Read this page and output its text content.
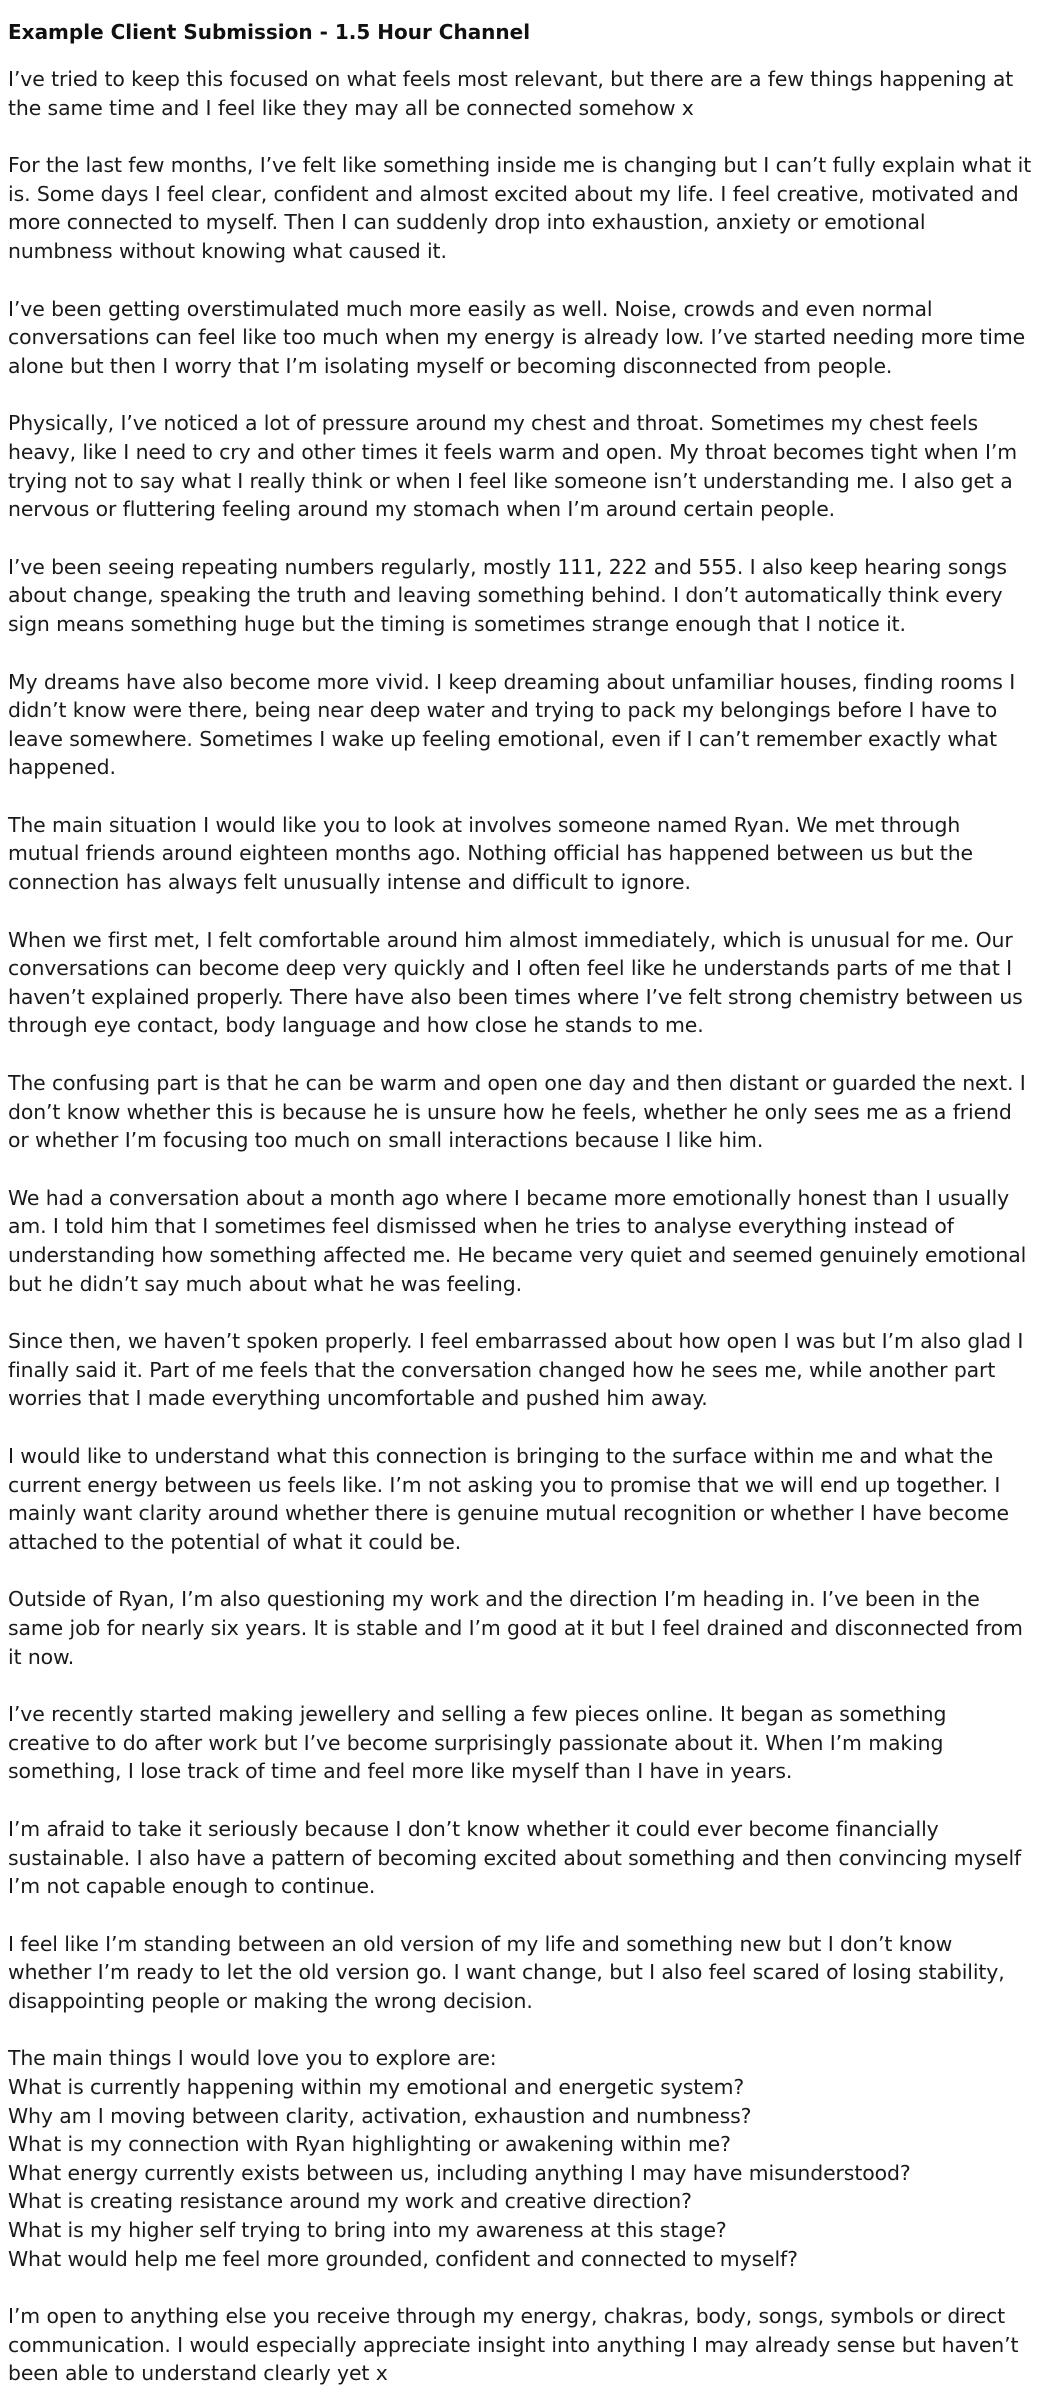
Example Client Submission - 1.5 Hour Channel

I’ve tried to keep this focused on what feels most relevant, but there are a few things happening at the same time and I feel like they may all be connected somehow x

For the last few months, I’ve felt like something inside me is changing but I can’t fully explain what it is. Some days I feel clear, confident and almost excited about my life. I feel creative, motivated and more connected to myself. Then I can suddenly drop into exhaustion, anxiety or emotional numbness without knowing what caused it.

I’ve been getting overstimulated much more easily as well. Noise, crowds and even normal conversations can feel like too much when my energy is already low. I’ve started needing more time alone but then I worry that I’m isolating myself or becoming disconnected from people.

Physically, I’ve noticed a lot of pressure around my chest and throat. Sometimes my chest feels heavy, like I need to cry and other times it feels warm and open. My throat becomes tight when I’m trying not to say what I really think or when I feel like someone isn’t understanding me. I also get a nervous or fluttering feeling around my stomach when I’m around certain people.

I’ve been seeing repeating numbers regularly, mostly 111, 222 and 555. I also keep hearing songs about change, speaking the truth and leaving something behind. I don’t automatically think every sign means something huge but the timing is sometimes strange enough that I notice it.

My dreams have also become more vivid. I keep dreaming about unfamiliar houses, finding rooms I didn’t know were there, being near deep water and trying to pack my belongings before I have to leave somewhere. Sometimes I wake up feeling emotional, even if I can’t remember exactly what happened.

The main situation I would like you to look at involves someone named Ryan. We met through mutual friends around eighteen months ago. Nothing official has happened between us but the connection has always felt unusually intense and difficult to ignore.

When we first met, I felt comfortable around him almost immediately, which is unusual for me. Our conversations can become deep very quickly and I often feel like he understands parts of me that I haven’t explained properly. There have also been times where I’ve felt strong chemistry between us through eye contact, body language and how close he stands to me.

The confusing part is that he can be warm and open one day and then distant or guarded the next. I don’t know whether this is because he is unsure how he feels, whether he only sees me as a friend or whether I’m focusing too much on small interactions because I like him.

We had a conversation about a month ago where I became more emotionally honest than I usually am. I told him that I sometimes feel dismissed when he tries to analyse everything instead of understanding how something affected me. He became very quiet and seemed genuinely emotional but he didn’t say much about what he was feeling.

Since then, we haven’t spoken properly. I feel embarrassed about how open I was but I’m also glad I finally said it. Part of me feels that the conversation changed how he sees me, while another part worries that I made everything uncomfortable and pushed him away.

I would like to understand what this connection is bringing to the surface within me and what the current energy between us feels like. I’m not asking you to promise that we will end up together. I mainly want clarity around whether there is genuine mutual recognition or whether I have become attached to the potential of what it could be.

Outside of Ryan, I’m also questioning my work and the direction I’m heading in. I’ve been in the same job for nearly six years. It is stable and I’m good at it but I feel drained and disconnected from it now.

I’ve recently started making jewellery and selling a few pieces online. It began as something creative to do after work but I’ve become surprisingly passionate about it. When I’m making something, I lose track of time and feel more like myself than I have in years.

I’m afraid to take it seriously because I don’t know whether it could ever become financially sustainable. I also have a pattern of becoming excited about something and then convincing myself I’m not capable enough to continue.

I feel like I’m standing between an old version of my life and something new but I don’t know whether I’m ready to let the old version go. I want change, but I also feel scared of losing stability, disappointing people or making the wrong decision.

The main things I would love you to explore are:
What is currently happening within my emotional and energetic system?
Why am I moving between clarity, activation, exhaustion and numbness?
What is my connection with Ryan highlighting or awakening within me?
What energy currently exists between us, including anything I may have misunderstood?
What is creating resistance around my work and creative direction?
What is my higher self trying to bring into my awareness at this stage?
What would help me feel more grounded, confident and connected to myself?

I’m open to anything else you receive through my energy, chakras, body, songs, symbols or direct communication. I would especially appreciate insight into anything I may already sense but haven’t been able to understand clearly yet x
